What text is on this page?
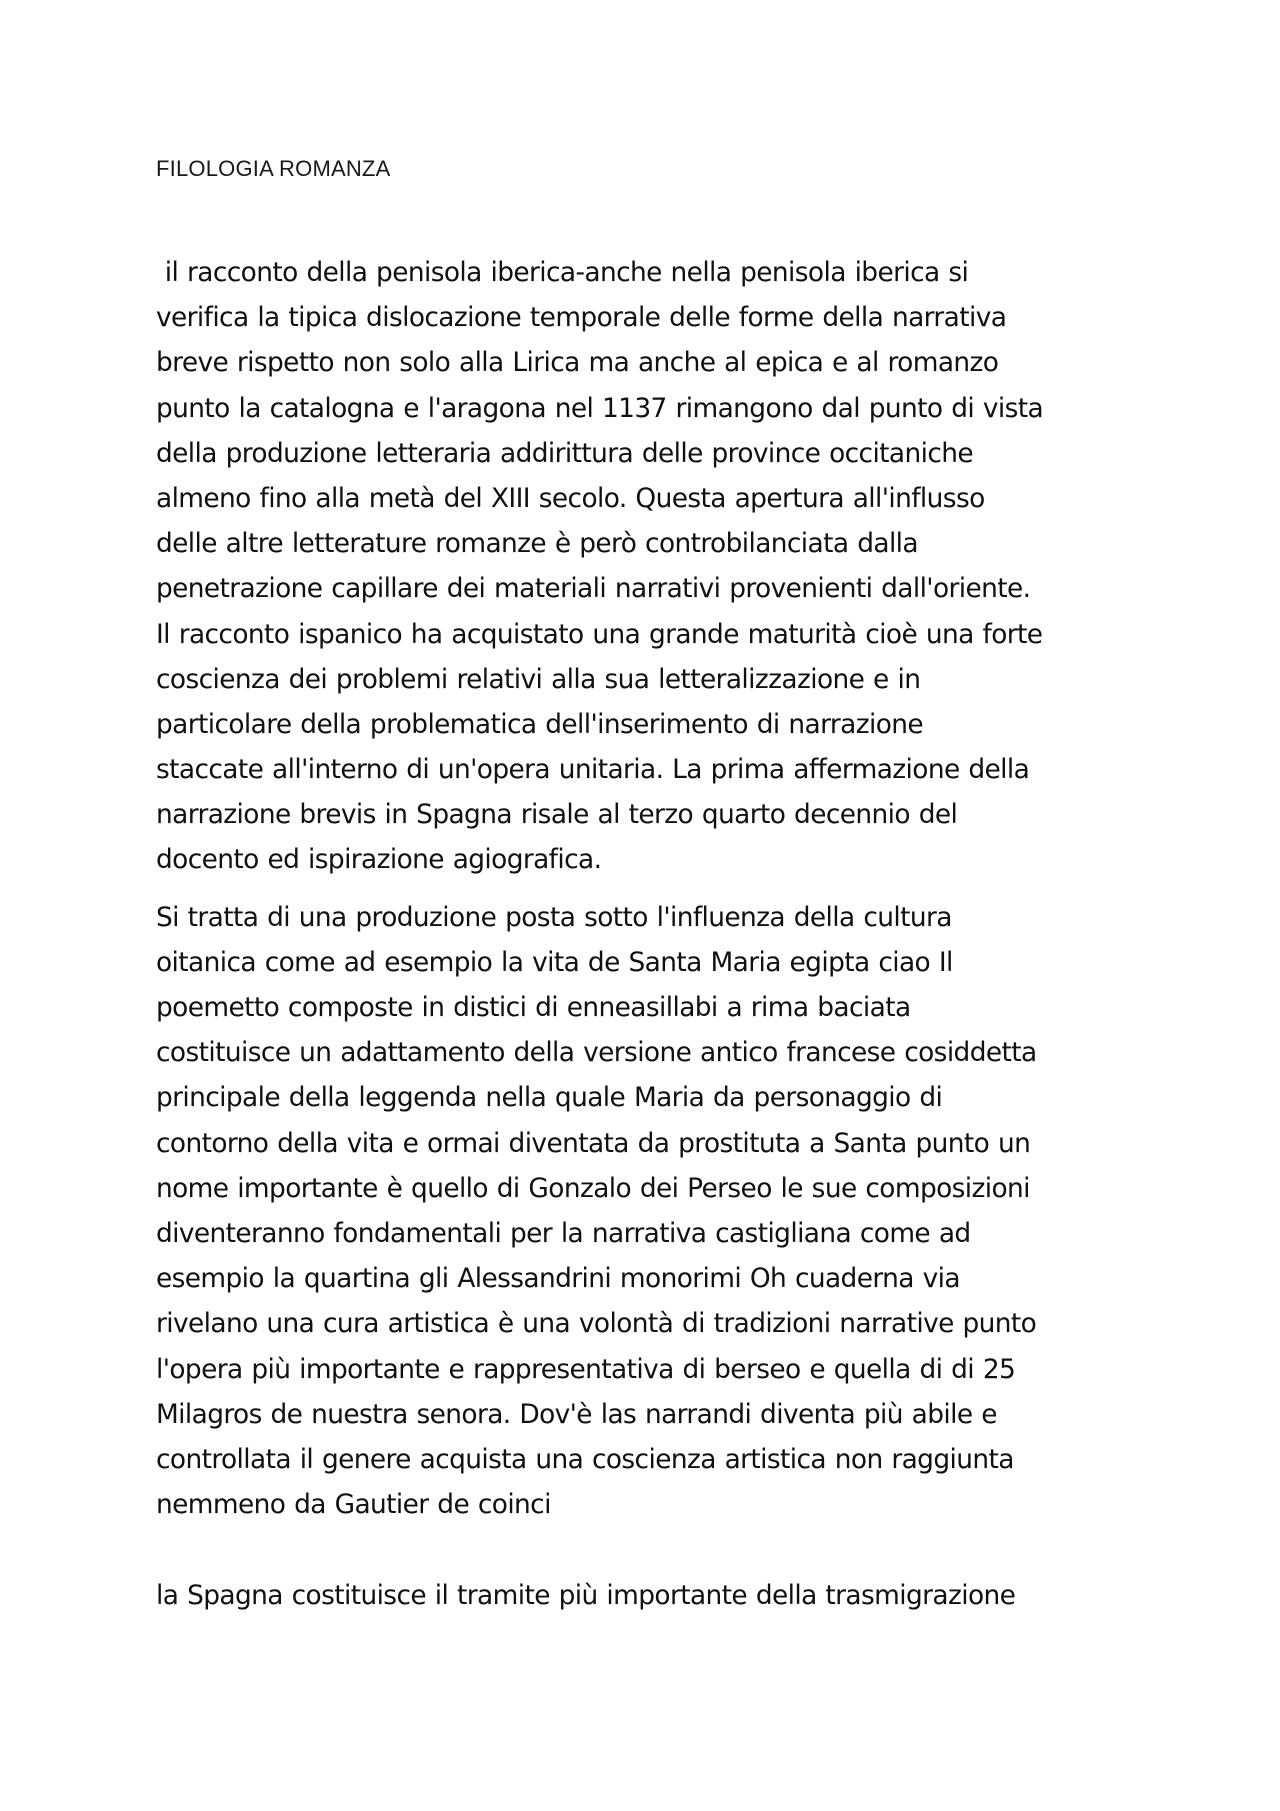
FILOLOGIA ROMANZA
il racconto della penisola iberica-anche nella penisola iberica si
verifica la tipica dislocazione temporale delle forme della narrativa
breve rispetto non solo alla Lirica ma anche al epica e al romanzo
punto la catalogna e l'aragona nel 1137 rimangono dal punto di vista
della produzione letteraria addirittura delle province occitaniche
almeno fino alla metà del XIII secolo. Questa apertura all'influsso
delle altre letterature romanze è però controbilanciata dalla
penetrazione capillare dei materiali narrativi provenienti dall'oriente.
Il racconto ispanico ha acquistato una grande maturità cioè una forte
coscienza dei problemi relativi alla sua letteralizzazione e in
particolare della problematica dell'inserimento di narrazione
staccate all'interno di un'opera unitaria. La prima affermazione della
narrazione brevis in Spagna risale al terzo quarto decennio del
docento ed ispirazione agiografica.
Si tratta di una produzione posta sotto l'influenza della cultura
oitanica come ad esempio la vita de Santa Maria egipta ciao Il
poemetto composte in distici di enneasillabi a rima baciata
costituisce un adattamento della versione antico francese cosiddetta
principale della leggenda nella quale Maria da personaggio di
contorno della vita e ormai diventata da prostituta a Santa punto un
nome importante è quello di Gonzalo dei Perseo le sue composizioni
diventeranno fondamentali per la narrativa castigliana come ad
esempio la quartina gli Alessandrini monorimi Oh cuaderna via
rivelano una cura artistica è una volontà di tradizioni narrative punto
l'opera più importante e rappresentativa di berseo e quella di di 25
Milagros de nuestra senora. Dov'è las narrandi diventa più abile e
controllata il genere acquista una coscienza artistica non raggiunta
nemmeno da Gautier de coinci
la Spagna costituisce il tramite più importante della trasmigrazione
